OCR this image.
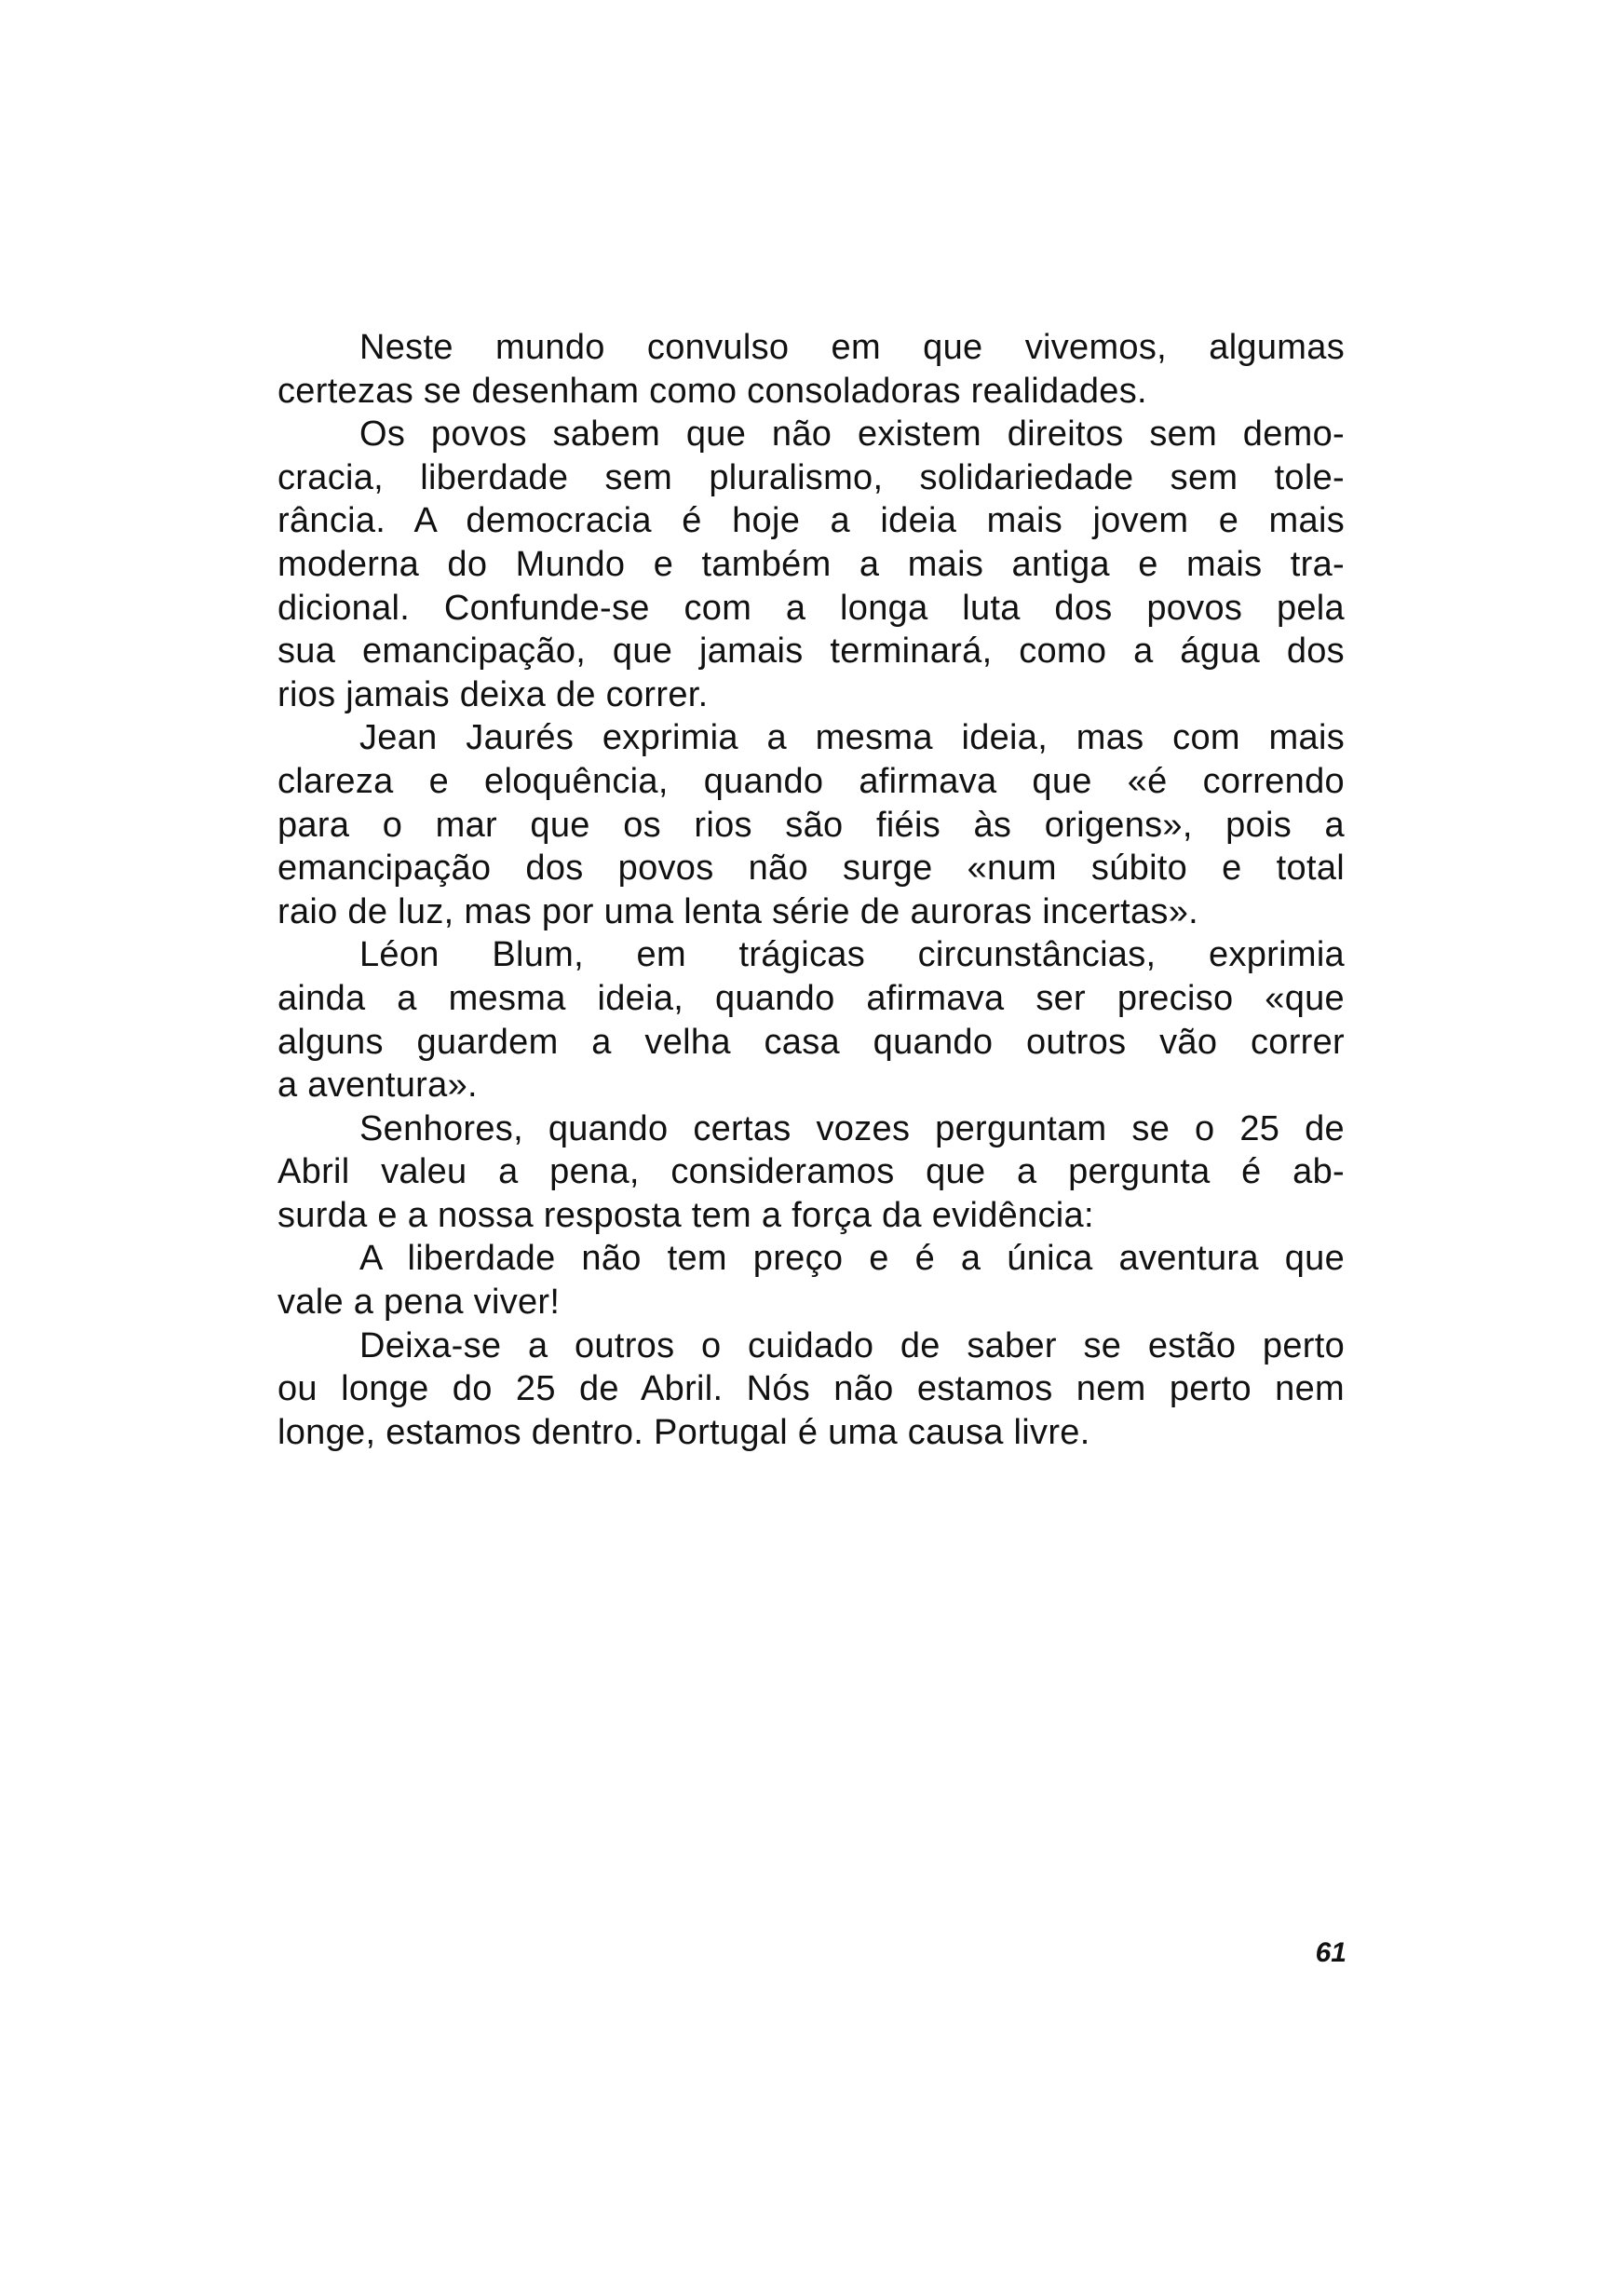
Neste mundo convulso em que vivemos, algumas
certezas se desenham como consoladoras realidades.
Os povos sabem que não existem direitos sem demo-
cracia, liberdade sem pluralismo, solidariedade sem tole-
rância. A democracia é hoje a ideia mais jovem e mais
moderna do Mundo e também a mais antiga e mais tra-
dicional. Confunde-se com a longa luta dos povos pela
sua emancipação, que jamais terminará, como a água dos
rios jamais deixa de correr.
Jean Jaurés exprimia a mesma ideia, mas com mais
clareza e eloquência, quando afirmava que «é correndo
para o mar que os rios são fiéis às origens», pois a
emancipação dos povos não surge «num súbito e total
raio de luz, mas por uma lenta série de auroras incertas».
Léon Blum, em trágicas circunstâncias, exprimia
ainda a mesma ideia, quando afirmava ser preciso «que
alguns guardem a velha casa quando outros vão correr
a aventura».
Senhores, quando certas vozes perguntam se o 25 de
Abril valeu a pena, consideramos que a pergunta é ab-
surda e a nossa resposta tem a força da evidência:
A liberdade não tem preço e é a única aventura que
vale a pena viver!
Deixa-se a outros o cuidado de saber se estão perto
ou longe do 25 de Abril. Nós não estamos nem perto nem
longe, estamos dentro. Portugal é uma causa livre.
61
